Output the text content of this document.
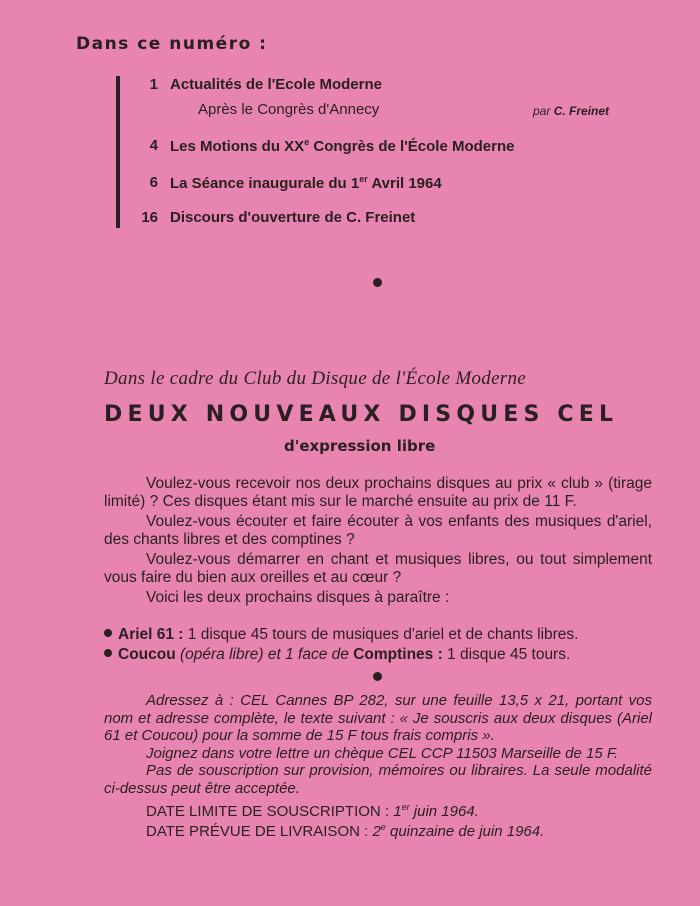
Dans ce numéro :
1 Actualités de l'Ecole Moderne
Après le Congrès d'Annecy	par C. Freinet
4 Les Motions du XXe Congrès de l'École Moderne
6 La Séance inaugurale du 1er Avril 1964
16 Discours d'ouverture de C. Freinet
Dans le cadre du Club du Disque de l'École Moderne
DEUX NOUVEAUX DISQUES CEL
d'expression libre

Voulez-vous recevoir nos deux prochains disques au prix « club » (tirage limité) ? Ces disques étant mis sur le marché ensuite au prix de 11 F.

Voulez-vous écouter et faire écouter à vos enfants des musiques d'ariel, des chants libres et des comptines ?

Voulez-vous démarrer en chant et musiques libres, ou tout simplement vous faire du bien aux oreilles et au cœur ?

Voici les deux prochains disques à paraître :

Ariel 61 : 1 disque 45 tours de musiques d'ariel et de chants libres.
Coucou (opéra libre) et 1 face de Comptines : 1 disque 45 tours.

Adressez à : CEL Cannes BP 282, sur une feuille 13,5 x 21, portant vos nom et adresse complète, le texte suivant : « Je souscris aux deux disques (Ariel 61 et Coucou) pour la somme de 15 F tous frais compris ».

Joignez dans votre lettre un chèque CEL CCP 11503 Marseille de 15 F.

Pas de souscription sur provision, mémoires ou libraires. La seule modalité ci-dessus peut être acceptée.

DATE LIMITE DE SOUSCRIPTION : 1er juin 1964.
DATE PRÉVUE DE LIVRAISON : 2e quinzaine de juin 1964.
